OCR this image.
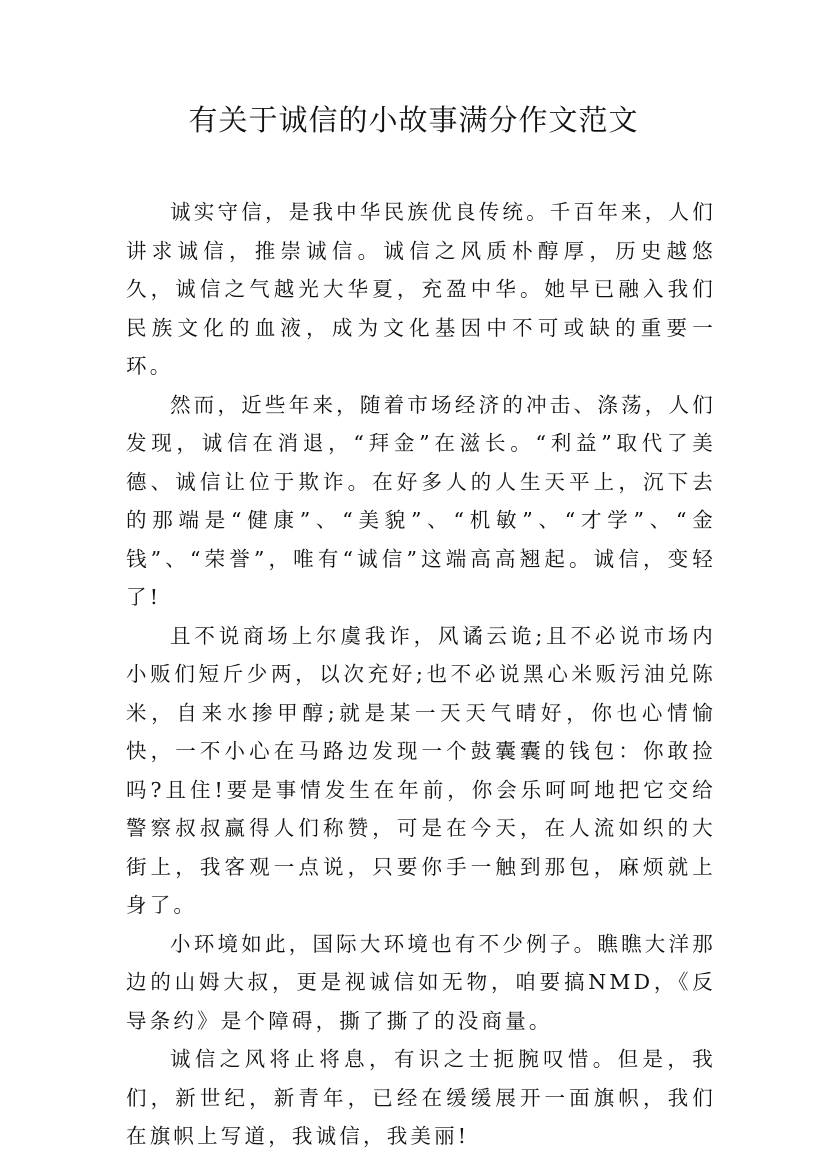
有关于诚信的小故事满分作文范文

诚实守信，是我中华民族优良传统。千百年来，人们讲求诚信，推崇诚信。诚信之风质朴醇厚，历史越悠久，诚信之气越光大华夏，充盈中华。她早已融入我们民族文化的血液，成为文化基因中不可或缺的重要一环。

然而，近些年来，随着市场经济的冲击、涤荡，人们发现，诚信在消退，“拜金”在滋长。“利益”取代了美德、诚信让位于欺诈。在好多人的人生天平上，沉下去的那端是“健康”、“美貌”、“机敏”、“才学”、“金钱”、“荣誉”，唯有“诚信”这端高高翘起。诚信，变轻了!

且不说商场上尔虞我诈，风谲云诡;且不必说市场内小贩们短斤少两，以次充好;也不必说黑心米贩污油兑陈米，自来水掺甲醇;就是某一天天气晴好，你也心情愉快，一不小心在马路边发现一个鼓囊囊的钱包：你敢捡吗?且住!要是事情发生在年前，你会乐呵呵地把它交给警察叔叔赢得人们称赞，可是在今天，在人流如织的大街上，我客观一点说，只要你手一触到那包，麻烦就上身了。

小环境如此，国际大环境也有不少例子。瞧瞧大洋那边的山姆大叔，更是视诚信如无物，咱要搞NMD，《反导条约》是个障碍，撕了撕了的没商量。

诚信之风将止将息，有识之士扼腕叹惜。但是，我们，新世纪，新青年，已经在缓缓展开一面旗帜，我们在旗帜上写道，我诚信，我美丽!
